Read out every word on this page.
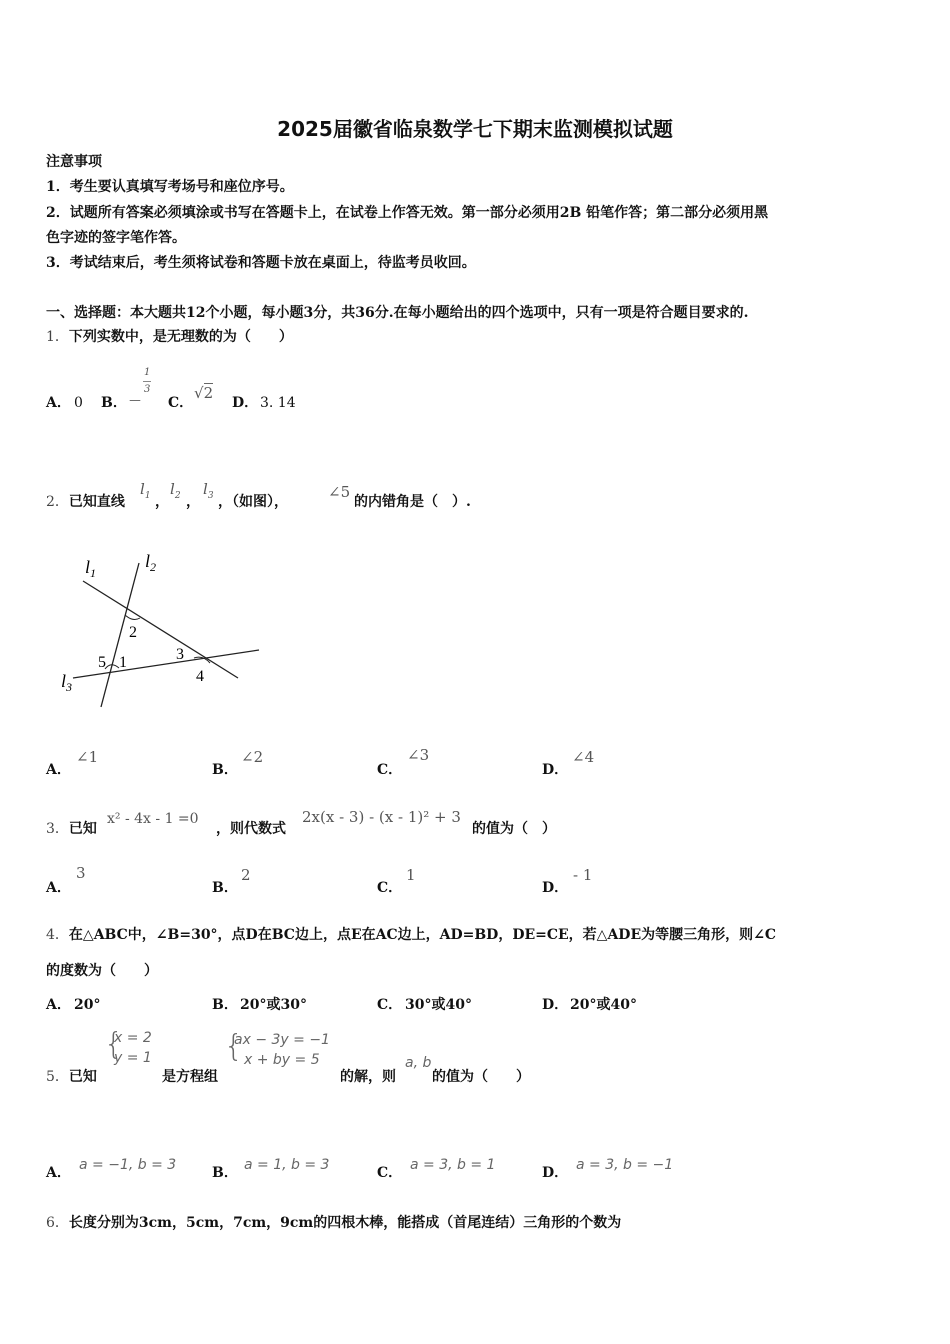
2025届徽省临泉数学七下期末监测模拟试题
注意事项
1．考生要认真填写考场号和座位序号。
2．试题所有答案必须填涂或书写在答题卡上，在试卷上作答无效。第一部分必须用2B 铅笔作答；第二部分必须用黑
色字迹的签字笔作答。
3．考试结束后，考生须将试卷和答题卡放在桌面上，待监考员收回。
一、选择题：本大题共12个小题，每小题3分，共36分.在每小题给出的四个选项中，只有一项是符合题目要求的.
1．下列实数中，是无理数的为（　　）
A． 0 B． －
1
3
C．
√2
D． 3. 14
2．已知直线
$l_1$ ，
$l_2$ ，
$l_3$ ，（如图），
∠5
的内错角是（　）.
$l_1$
$l_2$
$l_3$
2
1
5	3
4
A．
∠1
B．
∠2
C．
∠3
D．
∠4
3．已知
x² - 4x - 1 =0
，则代数式
2x(x - 3) - (x - 1)² + 3
的值为（　）
A．
3
B．
2
C．
1
D．
- 1
4．在△ABC中，∠B=30°，点D在BC边上，点E在AC边上，AD=BD，DE=CE，若△ADE为等腰三角形，则∠C
的度数为（　　）
A． 20°	B． 20°或30°	C． 30°或40°	D． 20°或40°
5．已知
{
x = 2
y = 1
是方程组
{
ax − 3y = −1
x + by = 5
的解，则
a, b
的值为（　　）
A． a = −1, b = 3	B． a = 1, b = 3	C． a = 3, b = 1	D． a = 3, b = −1
6．长度分别为3cm，5cm，7cm，9cm的四根木棒，能搭成（首尾连结）三角形的个数为
